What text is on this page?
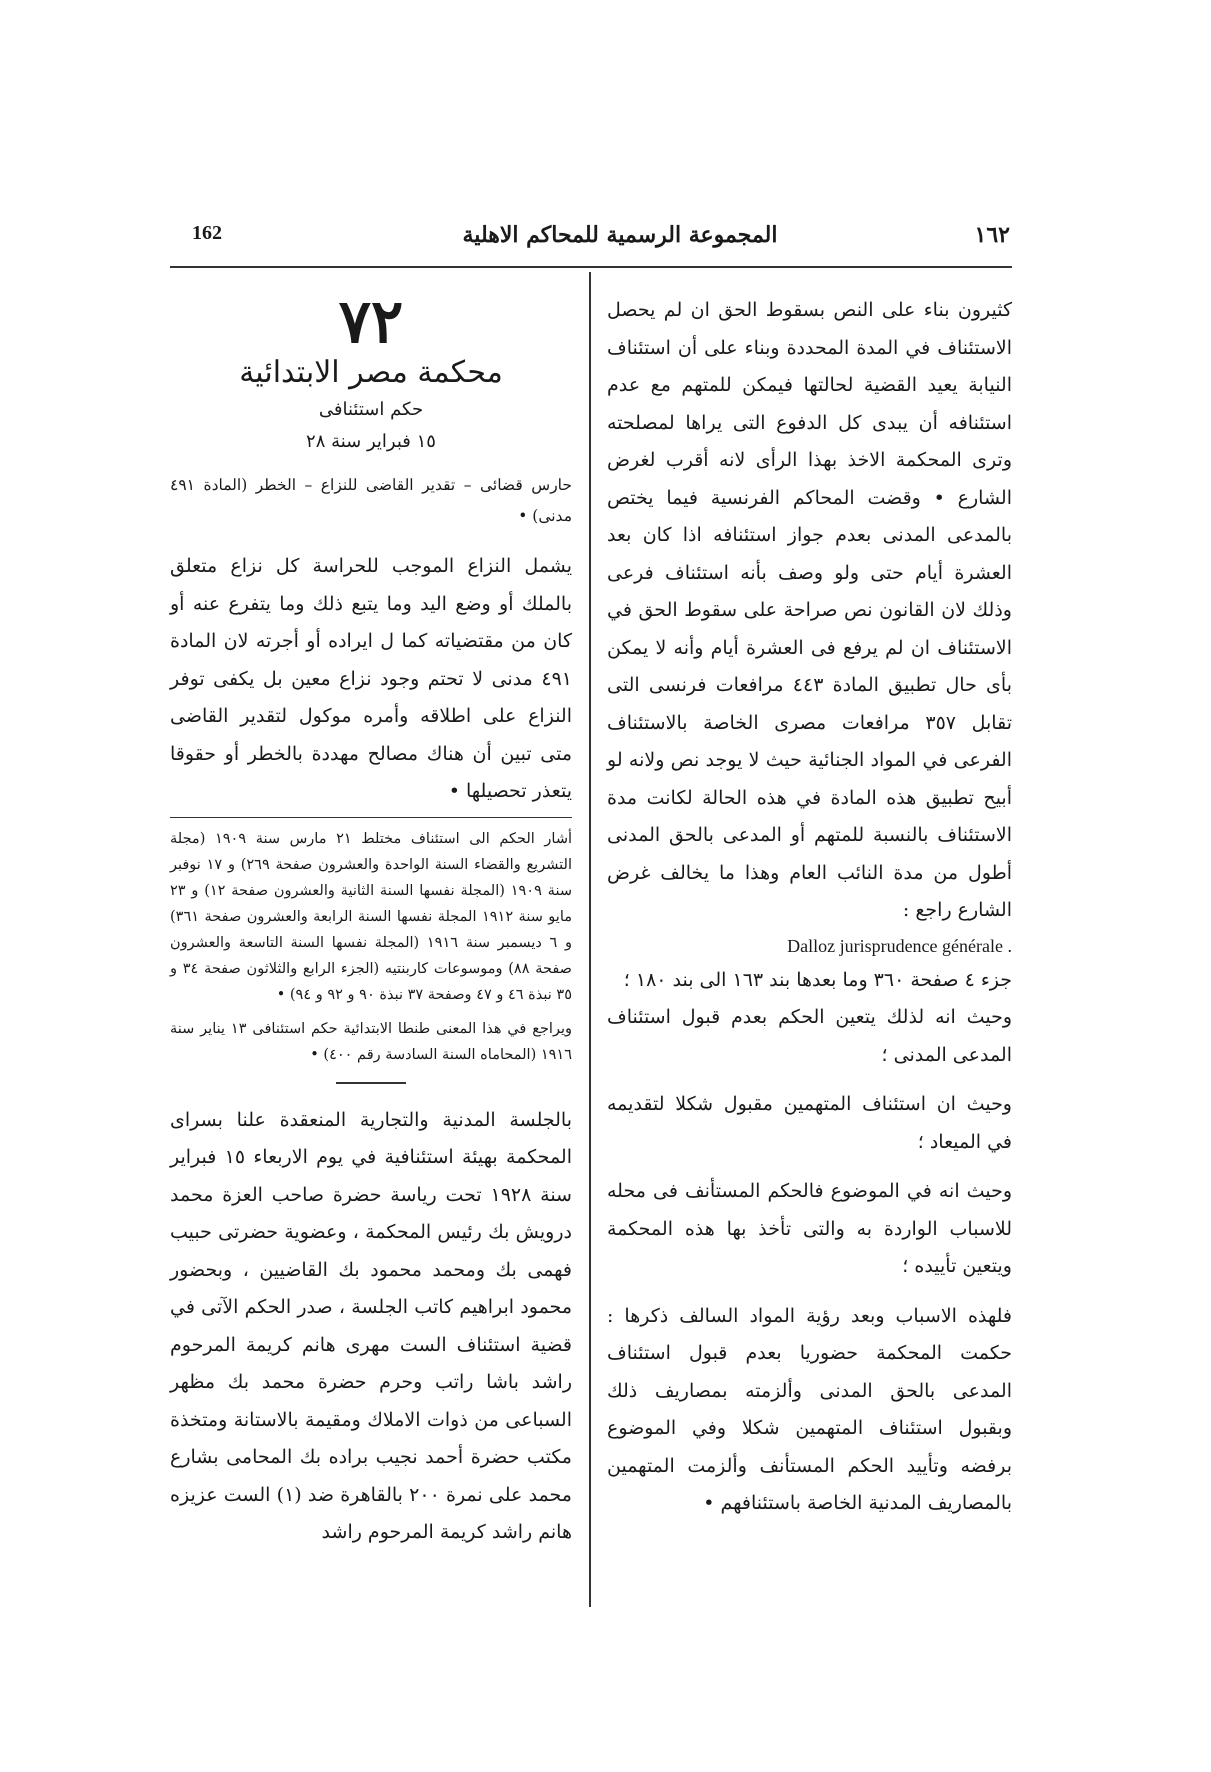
162	المجموعة الرسمية للمحاكم الاهلية	١٦٢

كثيرون بناء على النص بسقوط الحق ان لم يحصل الاستئناف في المدة المحددة وبناء على أن استئناف النيابة يعيد القضية لحالتها فيمكن للمتهم مع عدم استئنافه أن يبدى كل الدفوع التى يراها لمصلحته وترى المحكمة الاخذ بهذا الرأى لانه أقرب لغرض الشارع • وقضت المحاكم الفرنسية فيما يختص بالمدعى المدنى بعدم جواز استئنافه اذا كان بعد العشرة أيام حتى ولو وصف بأنه استئناف فرعى وذلك لان القانون نص صراحة على سقوط الحق في الاستئناف ان لم يرفع فى العشرة أيام وأنه لا يمكن بأى حال تطبيق المادة ٤٤٣ مرافعات فرنسى التى تقابل ٣٥٧ مرافعات مصرى الخاصة بالاستئناف الفرعى في المواد الجنائية حيث لا يوجد نص ولانه لو أبيح تطبيق هذه المادة في هذه الحالة لكانت مدة الاستئناف بالنسبة للمتهم أو المدعى بالحق المدنى أطول من مدة النائب العام وهذا ما يخالف غرض الشارع راجع :

Dalloz jurisprudence générale .

جزء ٤ صفحة ٣٦٠ وما بعدها بند ١٦٣ الى بند ١٨٠ ؛

وحيث انه لذلك يتعين الحكم بعدم قبول استئناف المدعى المدنى ؛

وحيث ان استئناف المتهمين مقبول شكلا لتقديمه في الميعاد ؛

وحيث انه في الموضوع فالحكم المستأنف فى محله للاسباب الواردة به والتى تأخذ بها هذه المحكمة ويتعين تأييده ؛

فلهذه الاسباب وبعد رؤية المواد السالف ذكرها : حكمت المحكمة حضوريا بعدم قبول استئناف المدعى بالحق المدنى وألزمته بمصاريف ذلك وبقبول استئناف المتهمين شكلا وفي الموضوع برفضه وتأييد الحكم المستأنف وألزمت المتهمين بالمصاريف المدنية الخاصة باستئنافهم •

٧٢

محكمة مصر الابتدائية

حكم استئنافى

١٥ فبراير سنة ٢٨

حارس قضائى – تقدير القاضى للنزاع – الخطر (المادة ٤٩١ مدنى) •

يشمل النزاع الموجب للحراسة كل نزاع متعلق بالملك أو وضع اليد وما يتبع ذلك وما يتفرع عنه أو كان من مقتضياته كما ل ايراده أو أجرته لان المادة ٤٩١ مدنى لا تحتم وجود نزاع معين بل يكفى توفر النزاع على اطلاقه وأمره موكول لتقدير القاضى متى تبين أن هناك مصالح مهددة بالخطر أو حقوقا يتعذر تحصيلها •

أشار الحكم الى استئناف مختلط ٢١ مارس سنة ١٩٠٩ (مجلة التشريع والقضاء السنة الواحدة والعشرون صفحة ٢٦٩) و ١٧ نوفبر سنة ١٩٠٩ (المجلة نفسها السنة الثانية والعشرون صفحة ١٢) و ٢٣ مايو سنة ١٩١٢ المجلة نفسها السنة الرابعة والعشرون صفحة ٣٦١) و ٦ ديسمبر سنة ١٩١٦ (المجلة نفسها السنة التاسعة والعشرون صفحة ٨٨) وموسوعات كاربنتيه (الجزء الرابع والثلاثون صفحة ٣٤ و ٣٥ نبذة ٤٦ و ٤٧ وصفحة ٣٧ نبذة ٩٠ و ٩٢ و ٩٤) •

ويراجع في هذا المعنى طنطا الابتدائية حكم استئنافى ١٣ يناير سنة ١٩١٦ (المحاماه السنة السادسة رقم ٤٠٠) •

بالجلسة المدنية والتجارية المنعقدة علنا بسراى المحكمة بهيئة استئنافية في يوم الاربعاء ١٥ فبراير سنة ١٩٢٨ تحت رياسة حضرة صاحب العزة محمد درويش بك رئيس المحكمة ، وعضوية حضرتى حبيب فهمى بك ومحمد محمود بك القاضيين ، وبحضور محمود ابراهيم كاتب الجلسة ، صدر الحكم الآتى في قضية استئناف الست مهرى هانم كريمة المرحوم راشد باشا راتب وحرم حضرة محمد بك مظهر السباعى من ذوات الاملاك ومقيمة بالاستانة ومتخذة مكتب حضرة أحمد نجيب براده بك المحامى بشارع محمد على نمرة ٢٠٠ بالقاهرة ضد (١) الست عزيزه هانم راشد كريمة المرحوم راشد
